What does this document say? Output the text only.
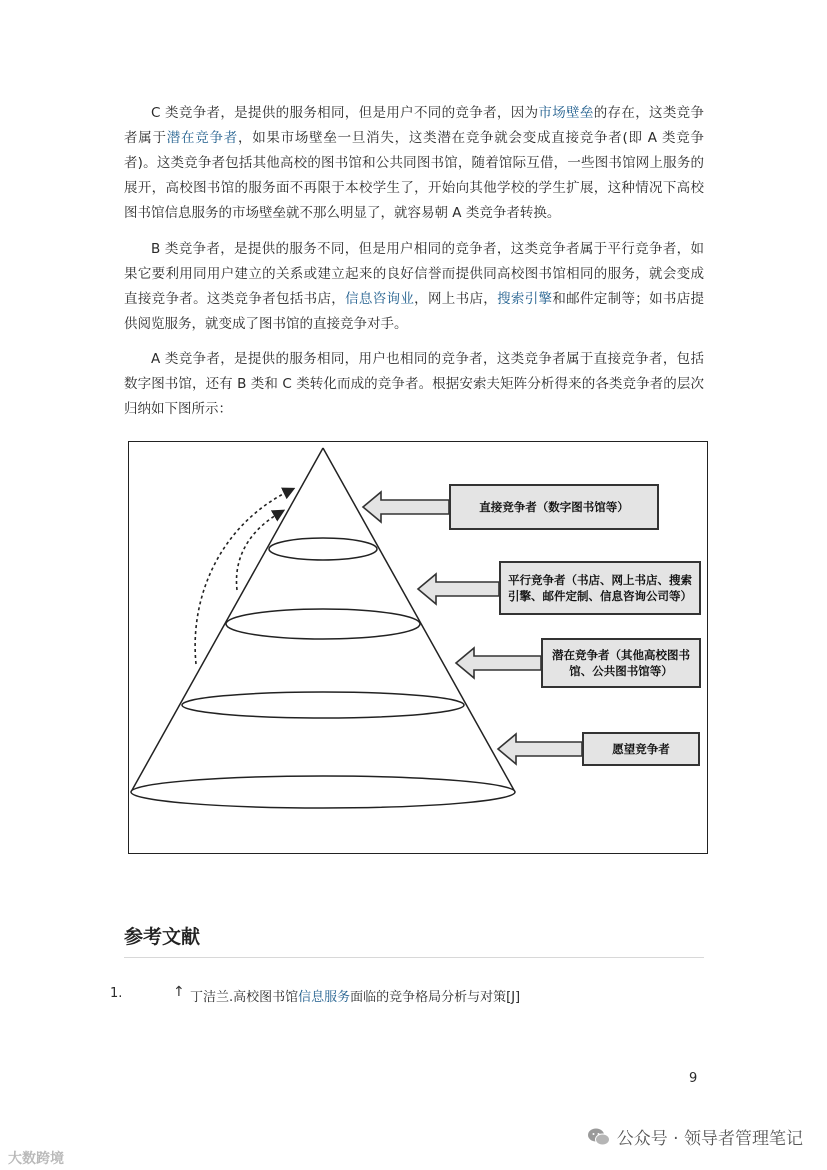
C 类竞争者，是提供的服务相同，但是用户不同的竞争者，因为市场壁垒的存在，这类竞争者属于潜在竞争者，如果市场壁垒一旦消失，这类潜在竞争就会变成直接竞争者(即 A 类竞争者)。这类竞争者包括其他高校的图书馆和公共同图书馆，随着馆际互借，一些图书馆网上服务的展开，高校图书馆的服务面不再限于本校学生了，开始向其他学校的学生扩展，这种情况下高校图书馆信息服务的市场壁垒就不那么明显了，就容易朝 A 类竞争者转换。

B 类竞争者，是提供的服务不同，但是用户相同的竞争者，这类竞争者属于平行竞争者，如果它要利用同用户建立的关系或建立起来的良好信誉而提供同高校图书馆相同的服务，就会变成直接竞争者。这类竞争者包括书店，信息咨询业，网上书店，搜索引擎和邮件定制等；如书店提供阅览服务，就变成了图书馆的直接竞争对手。

A 类竞争者，是提供的服务相同，用户也相同的竞争者，这类竞争者属于直接竞争者，包括数字图书馆，还有 B 类和 C 类转化而成的竞争者。根据安索夫矩阵分析得来的各类竞争者的层次归纳如下图所示：

直接竞争者（数字图书馆等）
平行竞争者（书店、网上书店、搜索引擎、邮件定制、信息咨询公司等）
潜在竞争者（其他高校图书馆、公共图书馆等）
愿望竞争者
参考文献
1.	↑ 丁洁兰.高校图书馆信息服务面临的竞争格局分析与对策[J]
9
大数跨境
公众号 · 领导者管理笔记
